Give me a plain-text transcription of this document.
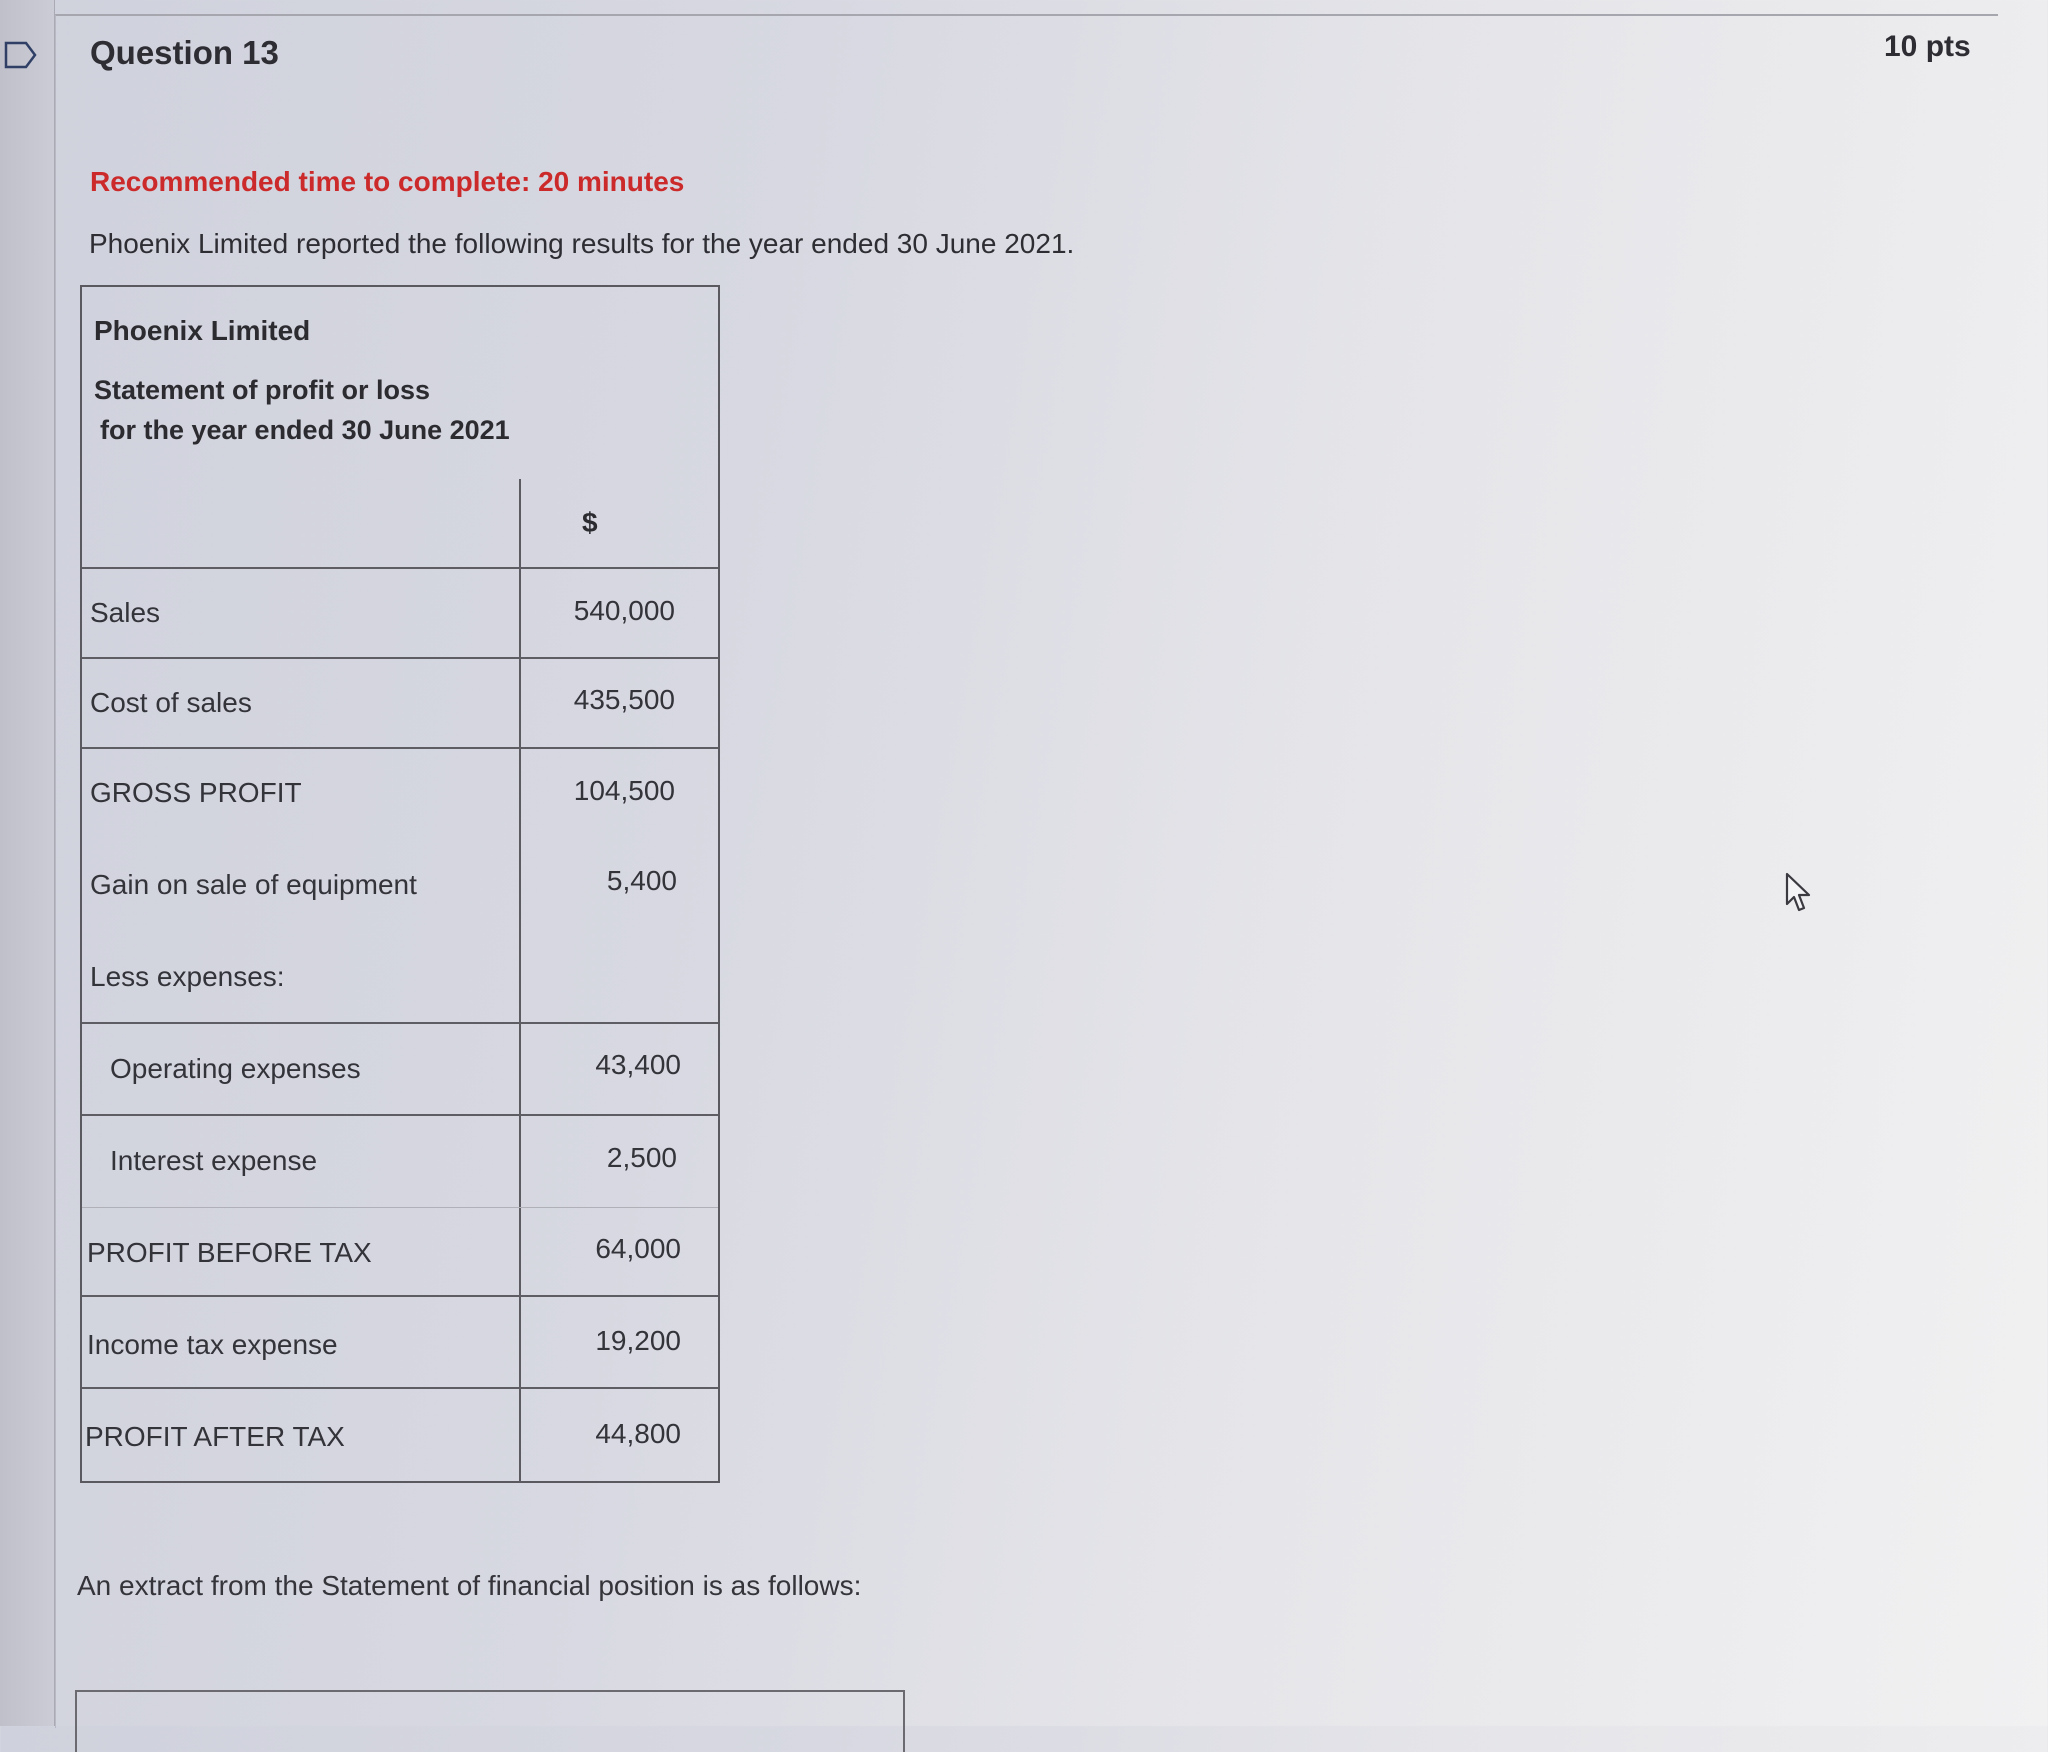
Question 13	10 pts
Recommended time to complete: 20 minutes
Phoenix Limited reported the following results for the year ended 30 June 2021.
Phoenix Limited
Statement of profit or loss
for the year ended 30 June 2021
$
Sales	540,000
Cost of sales	435,500
GROSS PROFIT	104,500
Gain on sale of equipment	5,400
Less expenses:
Operating expenses	43,400
Interest expense	2,500
PROFIT BEFORE TAX	64,000
Income tax expense	19,200
PROFIT AFTER TAX	44,800
An extract from the Statement of financial position is as follows:
